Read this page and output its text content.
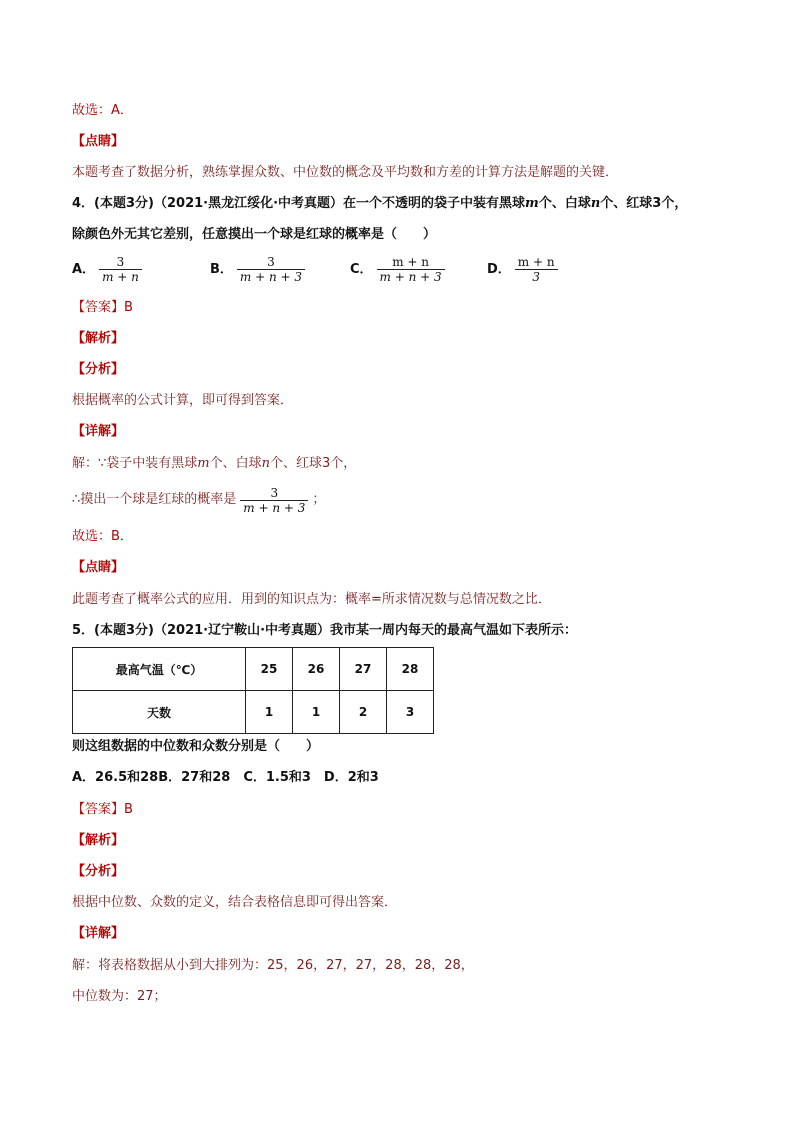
故选：A．
【点睛】
本题考查了数据分析，熟练掌握众数、中位数的概念及平均数和方差的计算方法是解题的关键．
4．(本题3分)（2021·黑龙江绥化·中考真题）在一个不透明的袋子中装有黑球m个、白球n个、红球3个，
除颜色外无其它差别，任意摸出一个球是红球的概率是（　　）
A． $\frac{3}{m + n}$	B． $\frac{3}{m + n + 3}$	C． $\frac{m + n}{m + n + 3}$	D． $\frac{m + n}{3}$
【答案】B
【解析】
【分析】
根据概率的公式计算，即可得到答案．
【详解】
解：∵袋子中装有黑球m个、白球n个、红球3个，
∴摸出一个球是红球的概率是 $\frac{3}{m + n + 3}$ ；
故选：B．
【点睛】
此题考查了概率公式的应用．用到的知识点为：概率=所求情况数与总情况数之比．
5．(本题3分)（2021·辽宁鞍山·中考真题）我市某一周内每天的最高气温如下表所示：
最高气温（℃）	25	26	27	28
天数	1	1	2	3
则这组数据的中位数和众数分别是（　　）
A．26.5和28B．27和28　C．1.5和3　D．2和3
【答案】B
【解析】
【分析】
根据中位数、众数的定义，结合表格信息即可得出答案．
【详解】
解：将表格数据从小到大排列为：25，26，27，27，28，28，28，
中位数为：27；
